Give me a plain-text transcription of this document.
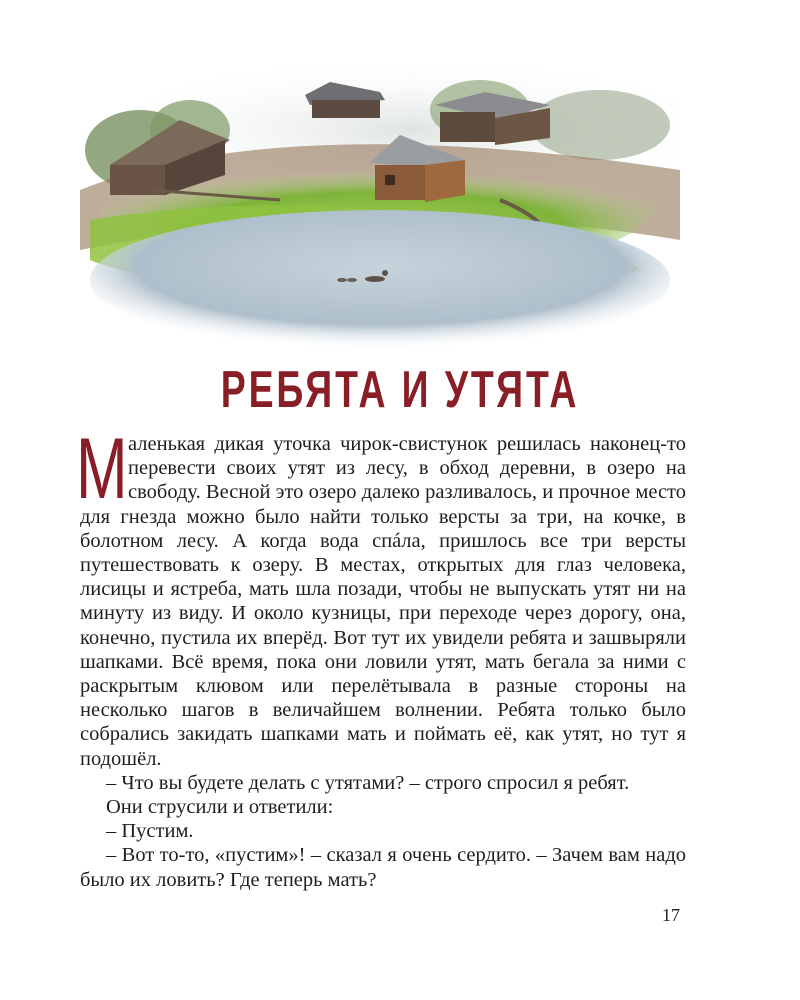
РЕБЯТА И УТЯТА

Маленькая дикая уточка чирок-свистунок решилась наконец-то перевести своих утят из лесу, в обход деревни, в озеро на свободу. Весной это озеро далеко разливалось, и прочное место для гнезда можно было найти только версты за три, на кочке, в болотном лесу. А когда вода спáла, пришлось все три версты путешествовать к озеру. В местах, открытых для глаз человека, лисицы и ястреба, мать шла позади, чтобы не выпускать утят ни на минуту из виду. И около кузницы, при переходе через дорогу, она, конечно, пустила их вперёд. Вот тут их увидели ребята и зашвыряли шапками. Всё время, пока они ловили утят, мать бегала за ними с раскрытым клювом или перелётывала в разные стороны на несколько шагов в величайшем волнении. Ребята только было собрались закидать шапками мать и поймать её, как утят, но тут я подошёл.

– Что вы будете делать с утятами? – строго спросил я ребят.

Они струсили и ответили:

– Пустим.

– Вот то-то, «пустим»! – сказал я очень сердито. – Зачем вам надо было их ловить? Где теперь мать?

17
